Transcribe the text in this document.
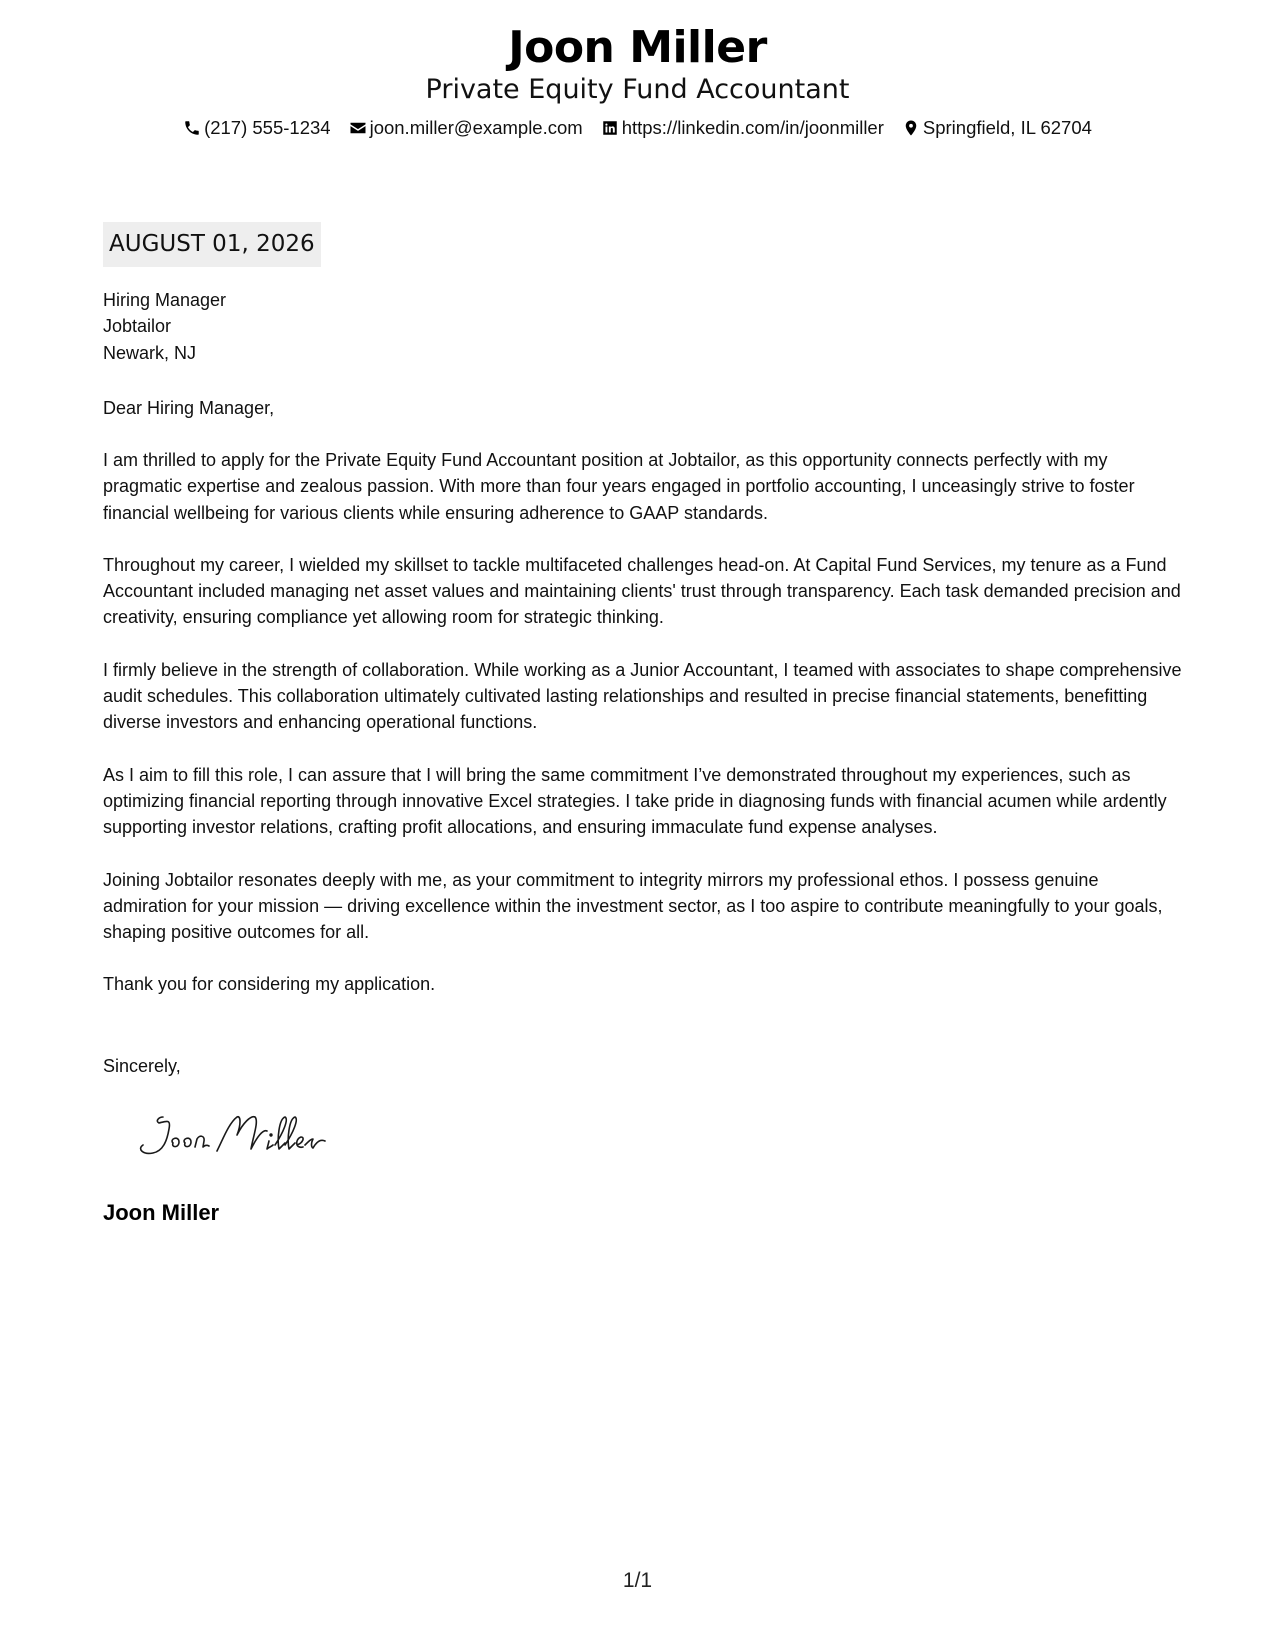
Joon Miller
Private Equity Fund Accountant
(217) 555-1234 joon.miller@example.com https://linkedin.com/in/joonmiller Springfield, IL 62704
AUGUST 01, 2026
Hiring Manager
Jobtailor
Newark, NJ
Dear Hiring Manager,

I am thrilled to apply for the Private Equity Fund Accountant position at Jobtailor, as this opportunity connects perfectly with my pragmatic expertise and zealous passion. With more than four years engaged in portfolio accounting, I unceasingly strive to foster financial wellbeing for various clients while ensuring adherence to GAAP standards.

Throughout my career, I wielded my skillset to tackle multifaceted challenges head-on. At Capital Fund Services, my tenure as a Fund Accountant included managing net asset values and maintaining clients' trust through transparency. Each task demanded precision and creativity, ensuring compliance yet allowing room for strategic thinking.

I firmly believe in the strength of collaboration. While working as a Junior Accountant, I teamed with associates to shape comprehensive audit schedules. This collaboration ultimately cultivated lasting relationships and resulted in precise financial statements, benefitting diverse investors and enhancing operational functions.

As I aim to fill this role, I can assure that I will bring the same commitment I’ve demonstrated throughout my experiences, such as optimizing financial reporting through innovative Excel strategies. I take pride in diagnosing funds with financial acumen while ardently supporting investor relations, crafting profit allocations, and ensuring immaculate fund expense analyses.

Joining Jobtailor resonates deeply with me, as your commitment to integrity mirrors my professional ethos. I possess genuine admiration for your mission — driving excellence within the investment sector, as I too aspire to contribute meaningfully to your goals, shaping positive outcomes for all.

Thank you for considering my application.

Sincerely,
Joon Miller
1/1
